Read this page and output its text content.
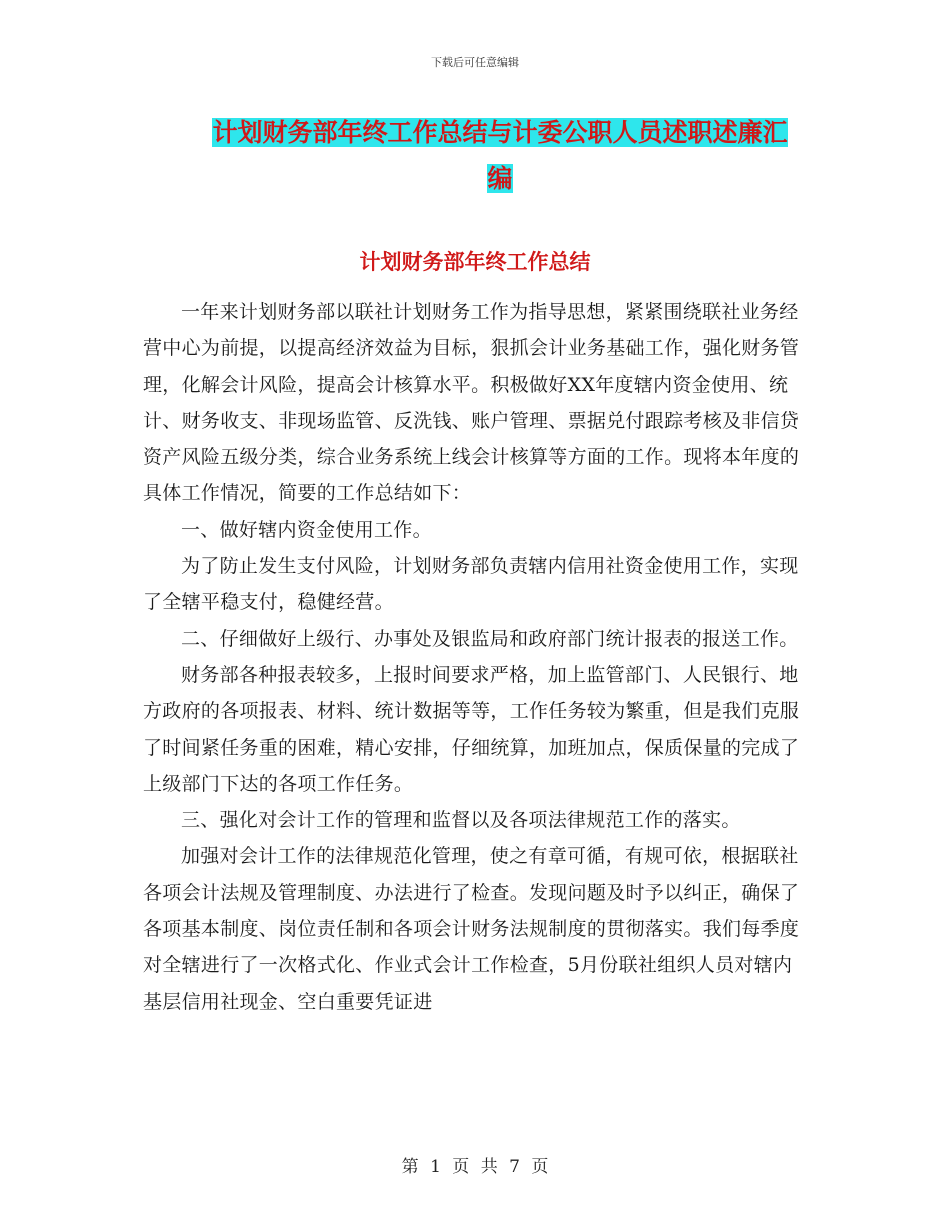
下载后可任意编辑
计划财务部年终工作总结与计委公职人员述职述廉汇
编
计划财务部年终工作总结

一年来计划财务部以联社计划财务工作为指导思想，紧紧围绕联社业务经营中心为前提，以提高经济效益为目标，狠抓会计业务基础工作，强化财务管理，化解会计风险，提高会计核算水平。积极做好XX年度辖内资金使用、统计、财务收支、非现场监管、反洗钱、账户管理、票据兑付跟踪考核及非信贷资产风险五级分类，综合业务系统上线会计核算等方面的工作。现将本年度的具体工作情况，简要的工作总结如下：

一、做好辖内资金使用工作。

为了防止发生支付风险，计划财务部负责辖内信用社资金使用工作，实现了全辖平稳支付，稳健经营。

二、仔细做好上级行、办事处及银监局和政府部门统计报表的报送工作。

财务部各种报表较多，上报时间要求严格，加上监管部门、人民银行、地方政府的各项报表、材料、统计数据等等，工作任务较为繁重，但是我们克服了时间紧任务重的困难，精心安排，仔细统算，加班加点，保质保量的完成了上级部门下达的各项工作任务。

三、强化对会计工作的管理和监督以及各项法律规范工作的落实。

加强对会计工作的法律规范化管理，使之有章可循，有规可依，根据联社各项会计法规及管理制度、办法进行了检查。发现问题及时予以纠正，确保了各项基本制度、岗位责任制和各项会计财务法规制度的贯彻落实。我们每季度对全辖进行了一次格式化、作业式会计工作检查，5月份联社组织人员对辖内基层信用社现金、空白重要凭证进

第 1 页 共 7 页
